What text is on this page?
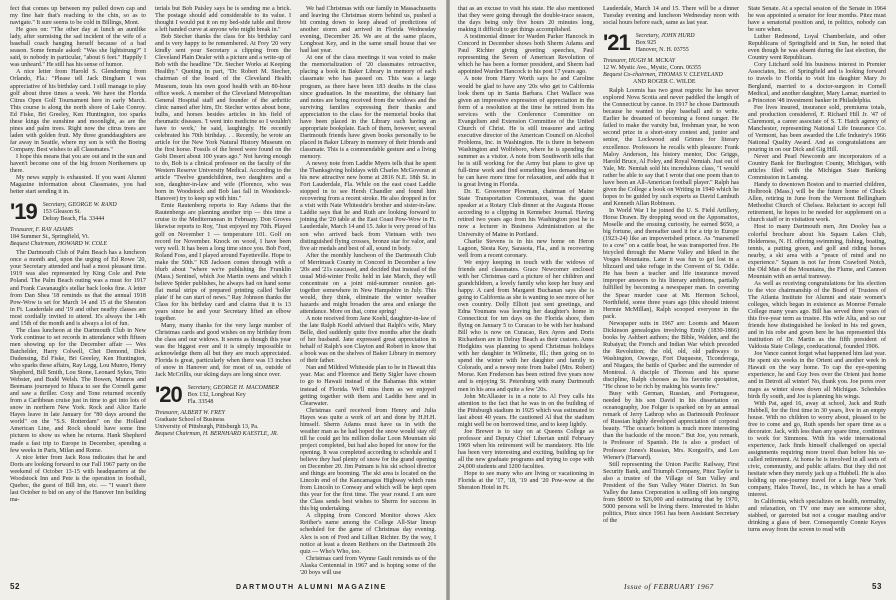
fect that comes up between my pulled down cap and my fine hair that's reaching to the chin, so as to navigate." It sure seems to be cold in Billings, Mont.

He goes on: "The other day at lunch an auntlike lady, after surmising the sad incident of the wife of a baseball coach hanging herself because of a bad season. Some female asked: "Was she lightstrung?" I said, to nobody in particular, "about 6 feet." Happily I was unheard." He still has his sense of humor.

A nice letter from Harold S. Glendening from Orlando, Fla.: "Please tell Jack Bingham I was appreciative of his birthday card. I still manage to play golf about three times a week. We have the Florida Citrus Open Golf Tournament here in early March. This course is along the north shore of Lake Conroy. Ed Fiske, Bri Greeley, Ken Huntington, too sparks these kings the sunshine and moonlight, as are the pines and palm trees. Right now the citrus trees are laden with golden fruit. My three granddaughters are far away in Seattle, where my son is with the Boeing Company. Best wishes to all Classmates."

I hope this means that you are out and in the sun and haven't become one of the big frozen Northerners up there.

My news supply is exhausted. If you want Alumni Magazine information about Classmates, you had better start sending it in.

'19 Secretary, GEORGE W. RAND
153 Gleason St.
Delray Beach, Fla. 33444
Treasurer, F. RAY ADAMS
184 Summer St., Springfield, Vt.
Bequest Chairman, HOWARD W. COLE

The Dartmouth Club of Palm Beach has a luncheon once a month and, upon the urging of Ed Rowe '20, your Secretary attended and had a most pleasant time. 1919 was also represented by King Cole and Pete Poland. The Palm Beach outing was a must for 1917 and Frank Cavanaugh's stellar back looks fine. A letter from Dan Shea '18 reminds us that the annual 1918 Pow-Wow is set for March 14 and 15 at the Sheraton in Ft. Lauderdale and '19 and other nearby classes are most cordially invited to attend. It's always the 14th and 15th of the month and is always a lot of fun.

The class luncheon at the Dartmouth Club in New York continue to set records in attendance with fifteen men showing up for the December affair — Wes Batchelder, Harry Colwell, Chet Demond, Dick Dudensing, Ed Fiske, Bri Greeley, Ken Huntington, who sparks these affairs, Ray Legg, Lou Munro, Henry Shepherd, Bill Smith, Lou Stone, Leonard Sykes, Teto Webster, and Budd Welsh. The Bowen, Munros and Beemans journeyed to Ithaca to see the Cornell game and saw a thriller. Coxy and Tone returned recently from a Caribbean cruise just in time to get into lots of snow in northern New York. Rock and Alice Earle Hayes leave in late January for "80 days around the world" on the "S.S. Rotterdam" on the Holland American Line, and Rock should have some fine pictures to show us when he returns. Hank Shepherd made a fast trip to Europe in December, spending a few weeks in Paris, Milan and Rome.

A nice letter from Jack Ross indicates that he and Doris are looking forward to our Fall 1967 party on the weekend of October 13-15 with headquarters at the Woodstock Inn and Pete is the operation in football, Quebec, the guest of Bill Inn, etc. — "I wasn't there last October to bid on any of the Hanover Inn building ma-

terials but Bob Paisley says he is sending me a brick. The postage should add considerable to its value. I thought I would put it on my bed-side table and throw a left handed curve at anyone who might break in."

Bob Stecher thanks the class for his birthday card and is very happy to be remembered. At Frey '20 very kindly sent your Secretary a clipping from the Cleveland Plain Dealer with a picture and a write-up of Bob with the headline "Dr. Stecher Works at Keeping Healthy." Quoting in part, "Dr. Robert M. Stecher, chairman of the board of the Cleveland Health Museum, touts his own good health with an 80-hour office week. A member of the Cleveland Metropolitan General Hospital staff and founder of the arthritic clinic named after him, Dr. Stecher writes about bone, bulbs, and horses besides articles in his field of rheumatic diseases. 'I went into medicine so I wouldn't have to work,' he said, laughingly. He recently celebrated his 70th birthday. . . Recently, he wrote an article for the New York Natural History Museum on the first horse. Fossils of the breed were found on the Gobi Desert about 100 years ago." Not having enough to do, Bob is a clinical professor on the faculty of the Western Reserve University Medical. According to the article "Twelve grandchildren, two daughters and a son, daughter-in-law and wife (Florence, who was born in Woodstock and Bob last fall in Woodstock-Hanover) try to keep up with him."

Ernie Rautenberg reports to Ray Adams that the Rautenbergs are planning another trip — this time a cruise to the Mediterranean in February. Don Groves likewise reports to Roy, "Just enjoyed my 70th. Played golf on November 1 — temperature 101. Golf on record for November. Knock on wood, I have been very well. It has been a long time since you. Bob Ford, Roland Foss, and I played around Fayetteville. Hope to make the 50th." KB Jackson comes through with a blurb about "where we're publishing the Franklin (Mass.) Sentinel, which Joe Martin owns and which I believe Spider publishes, he always had on hand some flat metal strips of prepared printing called 'holler plate' if he can start of news." Ray Johnson thanks the Class for his birthday card and claims that it is 13 years since he and your Secretary lifted an elbow together.

Many, many thanks for the very large number of Christmas cards and good wishes on my birthday from the class and our widows. It seems as though this year was the biggest ever and it is simply impossible to acknowledge them all but they are much appreciated. Florida is great, particularly when there was 13 inches of snow in Hanover and, for most of us, outside of Jack McCrillis, our skiing days are long since over.

'20 Secretary, GEORGE H. MACOMBER
Box 132, Longboat Key
Fla. 33548
Treasurer, ALBERT W. FREY
Graduate School of Business
University of Pittsburgh, Pittsburgh 13, Pa.
Bequest Chairman, H. BERNHARD KAESTLE, JR.

We had Christmas with our family in Massachusetts and leaving the Christmas storm behind us, pushed a bit coming down to keep ahead of predictions of another storm and arrived in Florida Wednesday evening, December 28. We are at the same places, Longboat Key, and in the same small house that we had last year.

At one of the class meetings it was voted to make the memorialization of '20 classmates retroactive, placing a book in Baker Library in memory of each classmate who has passed on. This was a large program, as there have been 183 deaths in the class since graduation. In the meantime, the obituary fast and notes are being received from the widows and the surviving families expressing their thanks and appreciation to the class for the memorial books that have been placed in the Library each having an appropriate bookplate. Each of them, however, several Dartmouth friends have given books personally to be placed in Baker Library in memory of their friends and classmate. This is a commendable gesture and a living memory.

A newsy note from Laddie Myers tells that he spent the Thanksgiving holidays with Charles McGoveran at his new attractive new home at 2816 N.E. 18th St. in Fort Lauderdale, Fla. While on the east coast Laddie stopped in to see Hersh Chandler and found him recovering from a recent stroke. He also dropped in for a visit with Nate Whiteside's brother and sister-in-law. Laddie says that he and Ruth are looking forward to joining the '20 table at the East Coast Pow-Wow in Ft. Lauderdale, March 14 and 15. Jake is very proud of his son who arrived back from Vietnam with two distinguished flying crosses, bronze star for valor, and five air medals and best of all, sound in body.

After the monthly luncheon of the Dartmouth Club of Merrimack County in Concord in December a few '20s and '21s caucused, and decided that instead of the usual Mid-winter Frolic held in late March, they will concentrate on a joint mid-summer reunion get-together somewhere in New Hampshire in July. This would, they think, eliminate the winter weather hazards and might broaden the area and enlarge the attendance. More on that, come spring!

A note received from Jane Koehl, daughter-in-law of the late Ralph Koehl advised that Ralph's wife, Mary Belle, died suddenly quite five months after the death of her husband. Jane expressed great appreciation in behalf of Ralph's son Clayton and Robert to know that a book was on the shelves of Baker Library in memory of their father.

Nan and Mildred Whiteside plan to be in Hawaii this year. Mac and Florence and Betty Sigler have chosen to go to Hawaii instead of the Bahamas this winter instead of Florida. We'll miss them as we enjoyed getting together with them and Laddie here and in Clearwater.

Christmas card received from Henry and Julia Hayes was quite a work of art and done by H.H.H. himself. Sherm Adams must have us in with the weather man as he had hoped the snow would stay off till he could get his million dollar Loon Mountain ski project completed, but had also hoped for snow for the opening. It was completed according to schedule and I believe they had plenty of snow for the grand opening on December 20. Jim Putnam is his ski school director and things are booming. The ski area is located on the Lincoln end of the Kancamagus Highway which runs from Lincoln to Conway and which will be kept open this year for the first time. The year round. I am sure the Class sends best wishes to Sherm for success in this big undertaking.

A clipping from Concord Monitor shows Alex Reither's name among the College All-Star lineup scheduled for the game of Christmas day evening. Alex is son of Fred and Lillian Richter. By the way, I notice at least a dozen Reithers on the Dartmouth 20s quiz — Who's Who, too.

Christmas card from Wynne Gault reminds us of the Alaska Centennial in 1967 and is hoping some of the '20 boys will use

52	DARTMOUTH ALUMNI MAGAZINE

that as an excuse to visit his state. He also mentioned that they were going through the double-trace season, the days being only five hours 20 minutes long, making it difficult to get things accomplished.

A testimonial dinner for Warden Parker Hancock in Concord in December shows both Sherm Adams and Paul Richter giving greeting speeches, Paul representing the Seven of American Revolution of which he has been a former president, and Sherm had appointed Warden Hancock to his post 17 years ago.

A note from Harry Worth says he and Caroline would be glad to have any '20s who get to California look them up in Santa Barbara. Chet Wallace was given an impressive expression of appreciation in the form of a resolution at the time he retired from his services with the Conference Committee on Evangelism and Extension Committee of the United Church of Christ. He is still treasurer and acting executive director of the American Council on Alcohol Problems, Inc. in Washington. He is there in between Washington and Wolfeboro, where he is spending the summer as a visitor. A note from Southworth tells that he is still working for the Army but plans to give up full-time work and find something less demanding so he can have more time for relaxation, and adds that it is great living in Florida.

Dr. E. Grosvenor Plowman, chairman of Maine State Transportation Commission, was the guest speaker at a Rotary Club dinner at the Augusta House according to a clipping in Kennebec Journal. Having retired two years ago from his Washington post he is now a lecturer in Business Administration at the University of Maine in Portland.

Charlie Stevens is in his new home on Heron Lagoon, Siesta Key, Sarasota, Fla., and is recovering well from a recent coronary.

We enjoy keeping in touch with the widows of friends and classmates. Grace Newcomer enclosed with her Christmas card a picture of her children and grandchildren, a lovely family who keep her busy and happy. A card from Margaret Buchanan says she is going to California as she is wanting to see more of her own country. Dolly Elliott just sent greetings, and Edna Youmans was leaving her daughter's home in Connecticut for ten days on the Florida shore, then flying on January 5 to Curacao to be with her husband Bill who is now on Curacao, Rex Ayres and Doris Richardson are in Delray Beach as their custom. Anne Hodgkins was planning to spend Christmas holidays with her daughter in Wilmette, Ill.; then going on to spend the winter with her daughter and family in Colorado, and a newsy note from Isabel (Mrs. Robert) Morse. Ken Frederson has been retired five years now and is enjoying St. Petersburg with many Dartmouth men in his area and quite a few '20s.

John McAllaster is in a note to Al Frey calls his attention to the fact that he was in on the building of the Pittsburgh stadium in 1925 which was estimated to last about 40 years. He cautioned Al that the stadium might well be on borrowed time, and to keep lightly.

Joe Brewer is to stay on at Queens College as professor and Deputy Chief Liberian until February 1969 when his retirement will be mandatory. His life has been very interesting and exciting, building up for all the new graduate programs and trying to cope with 24,000 students and 1200 faculties.

Hope to see many who are living or vacationing in Florida at the '17, '18, '19 and '20 Pow-wow at the Sheraton Hotel in Ft.

Lauderdale, March 14 and 15. There will be a dinner Tuesday evening and luncheon Wednesday noon with social hours before each, same as last year.

'21 Secretary, JOHN HURD
Box 925
Hanover, N. H. 03755
Treasurer, HUGH M. MCKAY
12 W. Mystic Ave., Mystic, Conn. 06355
Bequest Co-chairmen, THOMAS V. CLEVELAND
AND ROGER C. WILDE

Ralph Loomis has two great regrets: he has never explored Nova Scotia and never paddled the length of the Connecticut by canoe. In 1917 he chose Dartmouth because he wanted to play baseball and to write. Earlier he dreamed of becoming a forest ranger. He failed to make the varsity but, freshman year, he won second prize in a short-story contest and, junior and senior, the Lockwood and Grimes for literary excellence. Professors he recalls with pleasure: Frank Maloy Anderson, his history mentor, Doc Griggs, Harold Bruce, Al Foley, and Royal Nemiah. Just out of Yale, Mr. Nemiah sold his incredulous class, "I would rather be able to say that I wrote that one poem than to have been an All-American football player." Ralph has given the College a book on Writing in 1940 which he hopes to be guided by such experts as David Lambuth and Kenneth Allan Robinson.

In World War I he joined the U. S. Field Artillery, Horse Drawn. By dropping wood on the Appomattox, Moselle and the ensuing curiosity, he earned $650, a big fortune, and thereafter used it for a trip to Europe (1923-24) like an impoverished prince. As "marseneil to a cow" on a cattle boat, he was transported free. He bicycled through the Marne Valley and hiked in the Vosges Mountains. Later it was fun to get lost in a blizzard and take refuge in the Convent of St. Odile. He has been a teacher and life insurance moved improper answers to his literary ambitions, partially fulfilled by becoming a newspaper man. In covering the Spear murder case at Mt. Hermon School, Northfield, some three years ago (this should interest Hermie McMillan), Ralph scooped everyone in the pack.

Newspaper suits in 1967 are: Loomis and Mason Dickinson genealogies involving Emily (1830-1866) books by Ashbert authors; the Bible, Walden, and the Rubaiyat; the French and Indian War which preceded the Revolution; the old, old, old pathways to Washington, Oswego, Fort Duquesne, Ticonderoga, and Niagara, the battle of Quebec and the surrender of Montreal. A disciple of Thoreau and his sparse discipline, Ralph chooses as his favorite quotation, "He chose to be rich by making his wants few."

Busy with German, Russian, and Portuguese, needed by his son David in his dissertation on oceanography, Joe Folger is sparked on by an annual remark of Jerry Lathrop who as Dartmouth Professor of Russian highly developed appreciation of corporal beauty. "The ocean's bottom is much more interesting than the backside of the moon." But Joe, you remark, is Professor of Spanish. He is also a product of Professor Jones's Russian, Mrs. Korgzelt's, and Leo Wiener's (Harvard).

Still representing the Union Pacific Railway, First Security Bank, and Triumph Company, Pitez Taylor is also a trustee of the Village of Sun Valley and President of the Sun Valley Water District. In Sun Valley the Janss Corporation is selling off lots ranging from $8000 to $26,000 and estimating that by 1970, 5000 persons will be living there. Interested in Idaho politics, Pitez since 1961 has been Assistant Secretary of the

State Senate. At a special session of the Senate in 1964 he was appointed a senator for four months. Pitez must have a senatorial position and, in politics, nobody can be sure when.

Luther Redmond, Loyal Chamberlain, and other Republicans of Springfield and in Sun, he noted that even though he was absent during the last election, the Country went Republican.

Cory Litchard sold his business interest in Premier Associates, Inc. of Springfield and is looking forward to travels to Florida to visit his daughter Mary Jo Berglund, married to a doctor-surgeon in Cornell Medical, and another daughter, Mary Lamar, married to a Princeton '48 investment banker in Philadelphia.

Fee lives insured, insurance sold, premiums totals, and production considered, F. Richard Hill Jr. '47 of Claremont, a career associate of S. T. Hatch agency of Manchester, representing National Life Insurance Co. of Vermont, has been awarded the Life Industry's 1966 National Quality Award. And as congratulations are pouring in on our Dick and Gig Hill.

Never and Pearl Newcomb are incorporators of a Country Bank for Burlington County, Michigan, with articles filed with the Michigan State Banking Commission in Lansing.

Handy to downtown Boston and to married children, Holbrook (Mass.) will be the future home of Chuck Allen, retiring in June from the Vermont Bellingham Methodist Church of Chelsea. Reluctant to accept full retirement, he hopes to be needed for supplement on a church staff or in visitation work.

Host to many Dartmouth men, Jim Dooley has a colorful brochure about his Squam Lakes Club, Holderness, N. H. offering swimming, fishing, boating, tennis, a putting green, and golf and riding horses nearby, a ski area with a "peace of mind and no experience." Squam is not far from Crawford Notch, the Old Man of the Mountains, the Flume, and Cannon Mountain with an aerial tramway.

As well as receiving congratulations for his election to the vice chairmanship of the Board of Trustees of The Atlanta Institute for Alumni and state women's colleges, which began in existence as Monroe Female College many years ago. Bill has served three years of this five-year term as trustee. His wife Alta, and so our friends how distinguished he looked in his red gown, and in his robe and gown here he has represented this institution of Dr. Martin as the fifth president of Valdosta State College, coeducational, founded 1906.

Joe Vance cannot forget what happened him last year. He spent six weeks in the Orient and another week in Hawaii on the way home. To cap the eye-opening experience, he and Guy Ives over the Orient just home and in Detroit all winter! No, thank you. Joe pores over maps as winter slows down all Michigan. Schedules birds fly south, and Joe is planning his wings.

With Pat, aged 16, away at school, Jack and Ruth Hubbell, for the first time in 30 years, live in an empty house. With no children to worry about, pleased to be free to come and go, Ruth spends her spare time as a decorator. Jack, with less than any spare time, continues to work for Simmons. With his wide international experience, Jack finds himself challenged on special assignments requiring more travel than before his so-called retirement. At home he is involved in all sorts of civic, community, and public affairs. But they did not hesitate when they merely jack up a Hubbell. He is also holding up one-journey travel for a large New York company, Hales Travel, Inc., in which he has a small interest.

In California, which specializes on health, normality, and relaxation, on TV one may see someone shot, stabbed, or garroted but not a cougar mauling and/or drinking a glass of beer. Consequently Connie Keyes turns away from the screen to read with

Issue of FEBRUARY 1967	53
